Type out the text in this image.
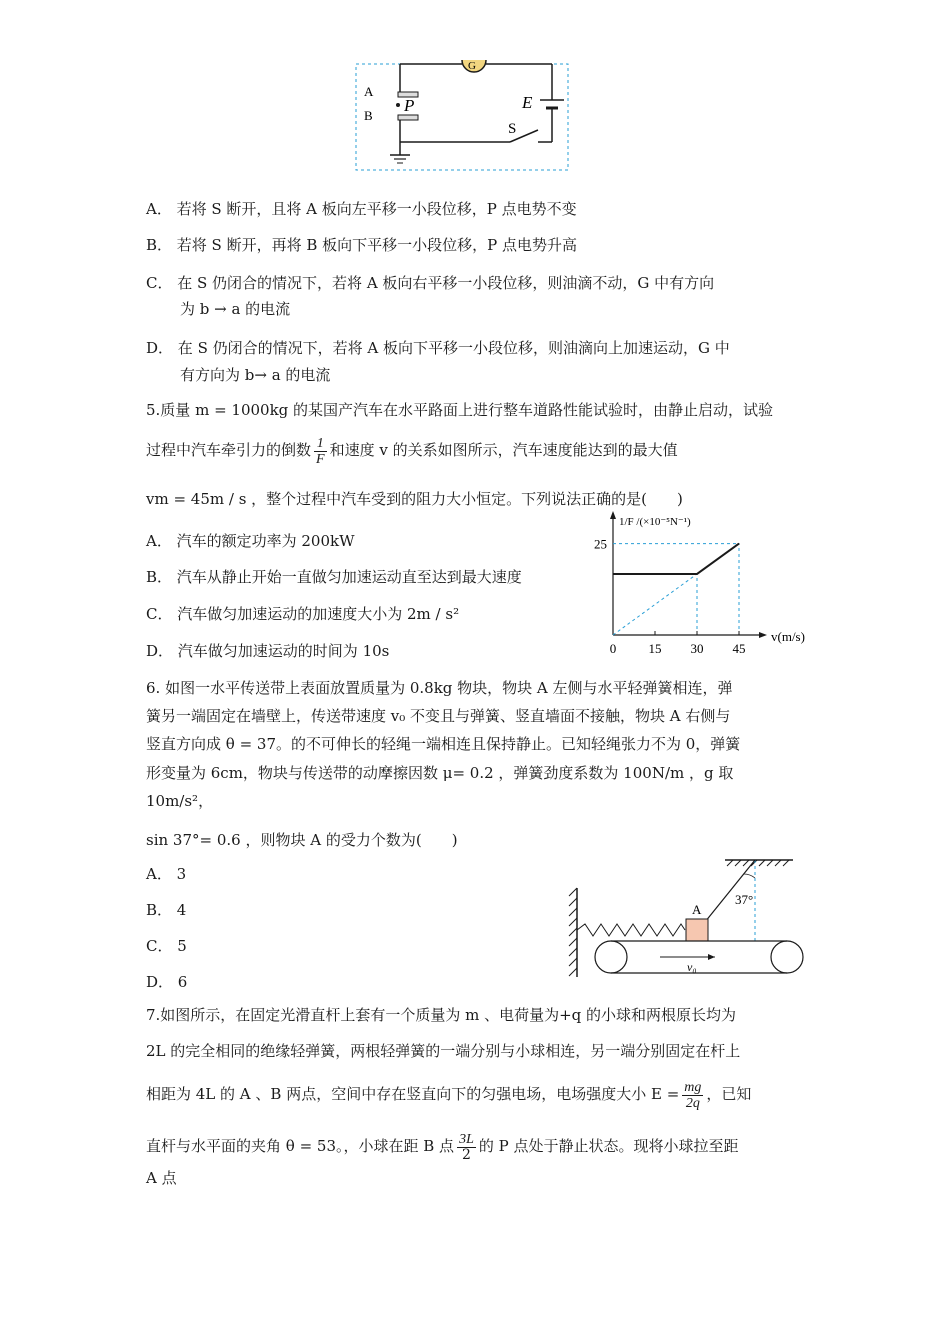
G
A
B
P	E
S
A． 若将 S 断开，且将 A 板向左平移一小段位移，P 点电势不变
B． 若将 S 断开，再将 B 板向下平移一小段位移，P 点电势升高
C． 在 S 仍闭合的情况下，若将 A 板向右平移一小段位移，则油滴不动，G 中有方向
为 b → a 的电流
D． 在 S 仍闭合的情况下，若将 A 板向下平移一小段位移，则油滴向上加速运动，G 中
有方向为 b→ a 的电流
5.质量 m = 1000kg 的某国产汽车在水平路面上进行整车道路性能试验时，由静止启动，试验
过程中汽车牵引力的倒数 $\frac{1}{F}$ 和速度 v 的关系如图所示，汽车速度能达到的最大值
vm = 45m / s ，整个过程中汽车受到的阻力大小恒定。下列说法正确的是(　　)
A． 汽车的额定功率为 200kW
B． 汽车从静止开始一直做匀加速运动直至达到最大速度
C． 汽车做匀加速运动的加速度大小为 2m / s²
D． 汽车做匀加速运动的时间为 10s	0 15 30 45
25
v(m/s)
1/F /(×10⁻⁵N⁻¹)
6. 如图一水平传送带上表面放置质量为 0.8kg 物块，物块 A 左侧与水平轻弹簧相连，弹
簧另一端固定在墙壁上，传送带速度 v₀ 不变且与弹簧、竖直墙面不接触，物块 A 右侧与
竖直方向成 θ = 37。的不可伸长的轻绳一端相连且保持静止。已知轻绳张力不为 0，弹簧
形变量为 6cm，物块与传送带的动摩擦因数 μ= 0.2 ，弹簧劲度系数为 100N/m ，g 取
10m/s²，
sin 37°= 0.6 ，则物块 A 的受力个数为(　　)
A． 3
B． 4
C． 5
D． 6
37°
A
v₀
7.如图所示，在固定光滑直杆上套有一个质量为 m 、电荷量为+q 的小球和两根原长均为
2L 的完全相同的绝缘轻弹簧，两根轻弹簧的一端分别与小球相连，另一端分别固定在杆上
相距为 4L 的 A 、B 两点，空间中存在竖直向下的匀强电场，电场强度大小 $E = \frac{mg}{2q}$ ，已知
直杆与水平面的夹角 θ = 53。，小球在距 B 点 $\frac{3L}{2}$ 的 P 点处于静止状态。现将小球拉至距
A 点
